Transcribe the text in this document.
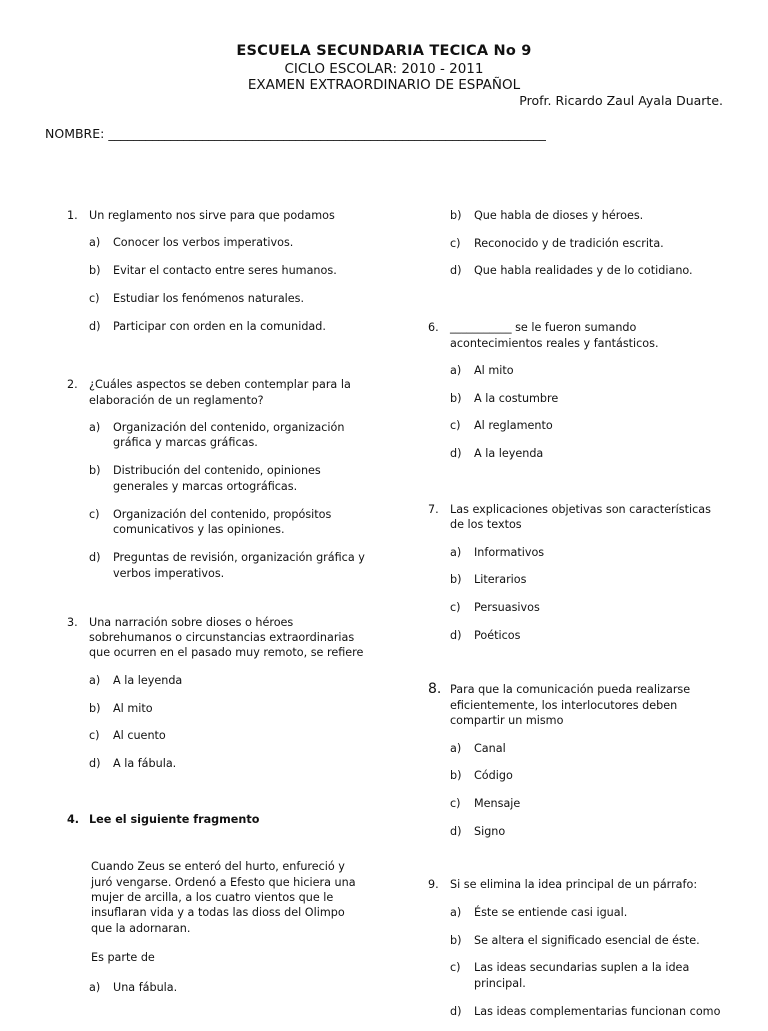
ESCUELA SECUNDARIA TECICA No 9
CICLO ESCOLAR: 2010 - 2011
EXAMEN EXTRAORDINARIO DE ESPAÑOL
Profr. Ricardo Zaul Ayala Duarte.
NOMBRE: ______________________________________________________________________
1.	Un reglamento nos sirve para que podamos
a)	Conocer los verbos imperativos.
b)	Evitar el contacto entre seres humanos.
c)	Estudiar los fenómenos naturales.
d)	Participar con orden en la comunidad.
2.	¿Cuáles aspectos se deben contemplar para la elaboración de un reglamento?
a)	Organización del contenido, organización gráfica y marcas gráficas.
b)	Distribución del contenido, opiniones generales y marcas ortográficas.
c)	Organización del contenido, propósitos comunicativos y las opiniones.
d)	Preguntas de revisión, organización gráfica y verbos imperativos.
3.	Una narración sobre dioses o héroes sobrehumanos o circunstancias extraordinarias que ocurren en el pasado muy remoto, se refiere
a)	A la leyenda
b)	Al mito
c)	Al cuento
d)	A la fábula.
4. Lee el siguiente fragmento

Cuando Zeus se enteró del hurto, enfureció y juró vengarse. Ordenó a Efesto que hiciera una mujer de arcilla, a los cuatro vientos que le insuflaran vida y a todas las dioss del Olimpo que la adornaran.

Es parte de
a)	Una fábula.
b)	Que habla de dioses y héroes.
c)	Reconocido y de tradición escrita.
d)	Que habla realidades y de lo cotidiano.
6.	___________ se le fueron sumando acontecimientos reales y fantásticos.
a)	Al mito
b)	A la costumbre
c)	Al reglamento
d)	A la leyenda
7.	Las explicaciones objetivas son características de los textos
a)	Informativos
b)	Literarios
c)	Persuasivos
d)	Poéticos
8. Para que la comunicación pueda realizarse eficientemente, los interlocutores deben compartir un mismo
a)	Canal
b)	Código
c)	Mensaje
d)	Signo
9.	Si se elimina la idea principal de un párrafo:
a)	Éste se entiende casi igual.
b)	Se altera el significado esencial de éste.
c)	Las ideas secundarias suplen a la idea principal.
d)	Las ideas complementarias funcionan como
